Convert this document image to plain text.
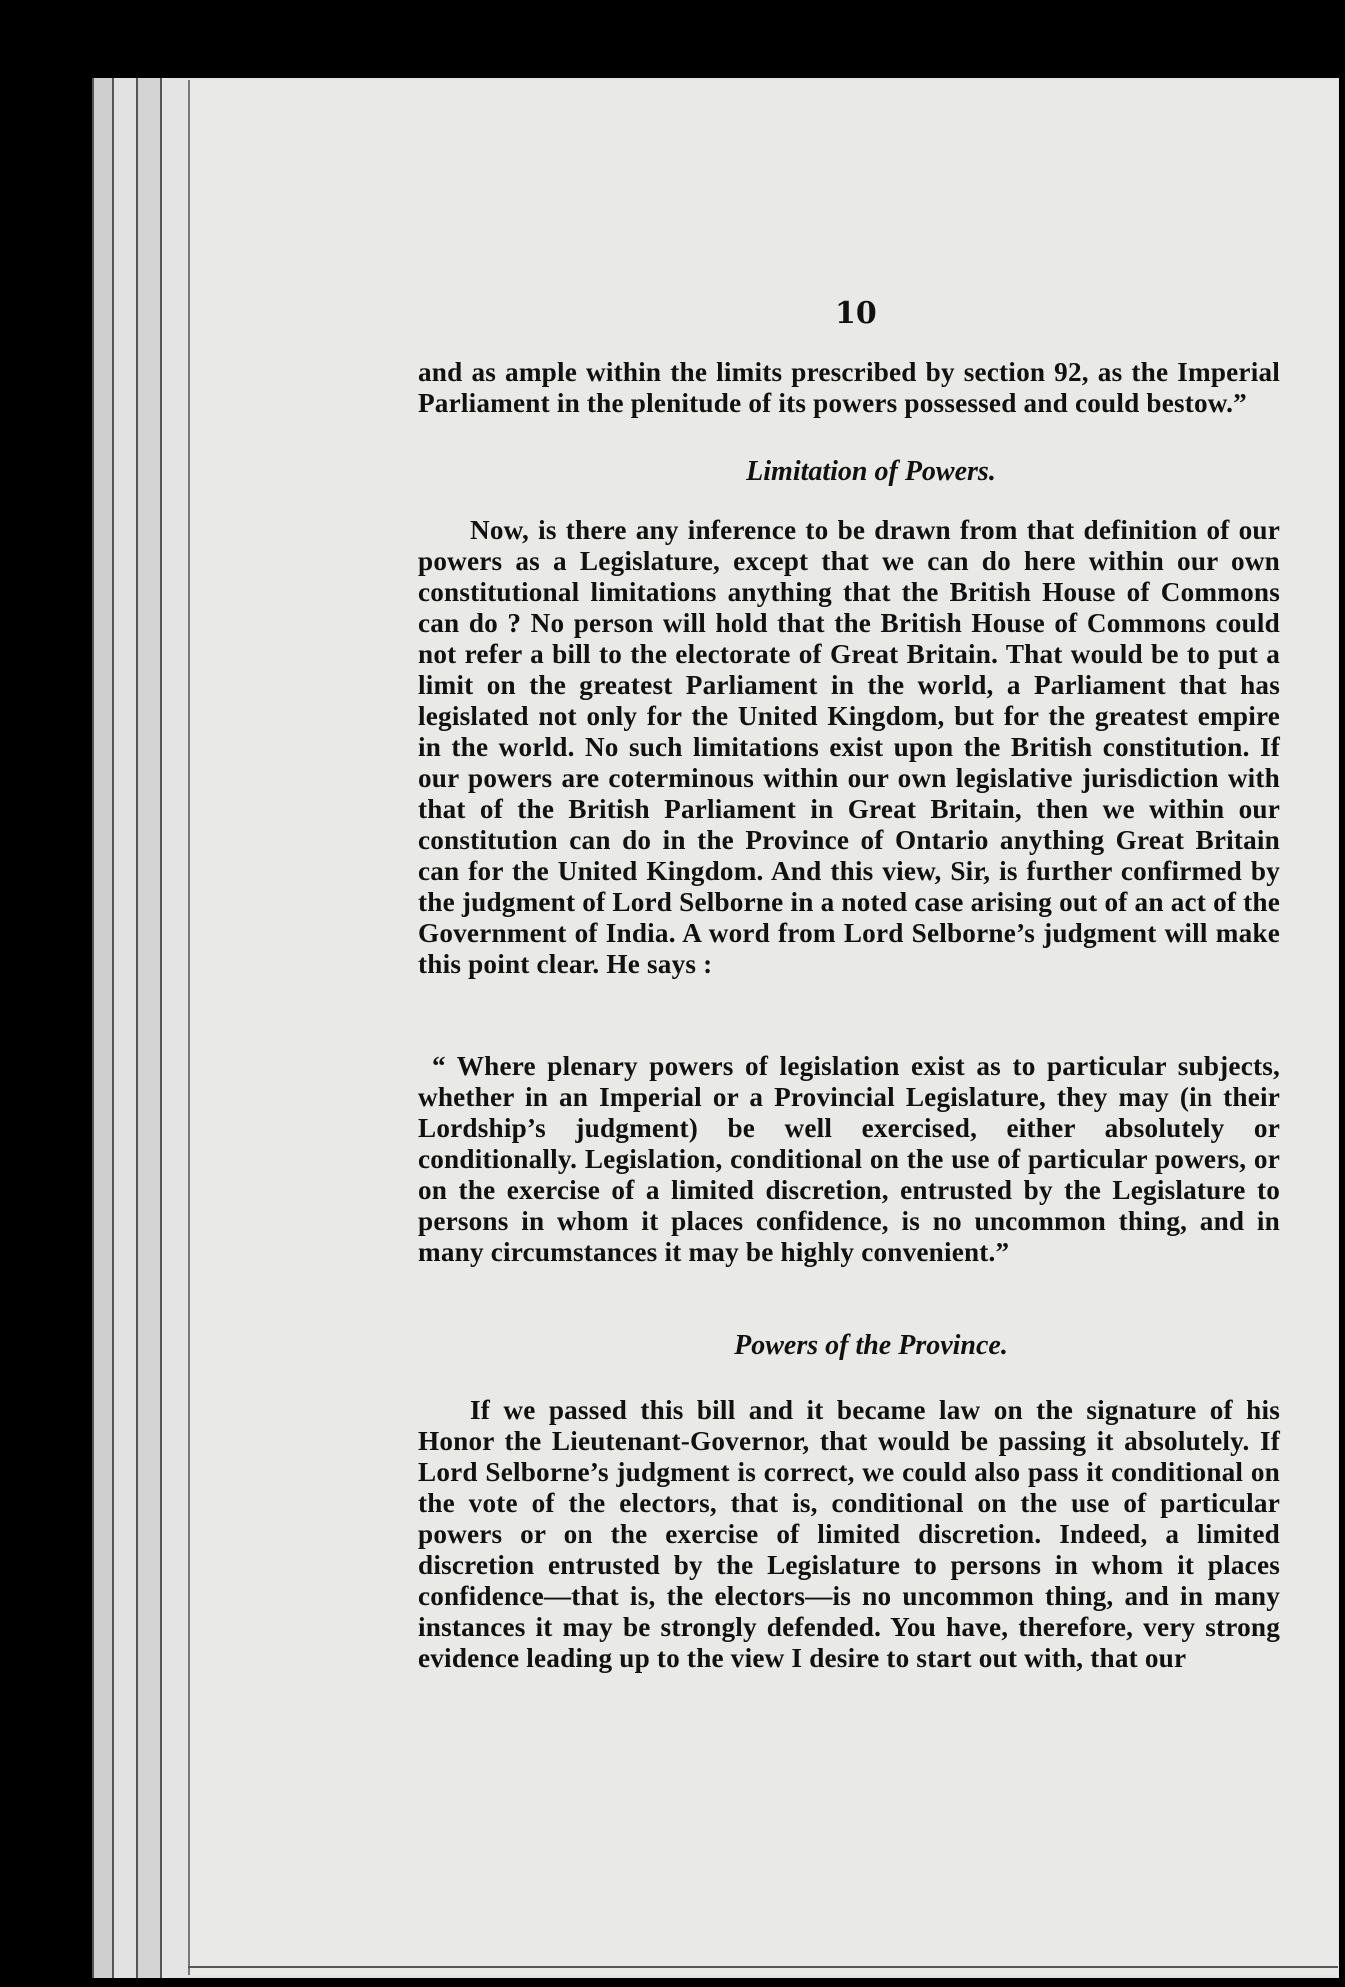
10

and as ample within the limits prescribed by section 92, as the Imperial Parliament in the plenitude of its powers possessed and could bestow.”

Limitation of Powers.

Now, is there any inference to be drawn from that definition of our powers as a Legislature, except that we can do here within our own constitutional limitations anything that the British House of Commons can do ? No person will hold that the British House of Commons could not refer a bill to the electorate of Great Britain. That would be to put a limit on the greatest Parliament in the world, a Parliament that has legislated not only for the United Kingdom, but for the greatest empire in the world. No such limitations exist upon the British constitution. If our powers are coterminous within our own legislative jurisdiction with that of the British Parliament in Great Britain, then we within our constitution can do in the Province of Ontario anything Great Britain can for the United Kingdom. And this view, Sir, is further confirmed by the judgment of Lord Selborne in a noted case arising out of an act of the Government of India. A word from Lord Selborne’s judgment will make this point clear. He says :

“ Where plenary powers of legislation exist as to particular subjects, whether in an Imperial or a Provincial Legislature, they may (in their Lordship’s judgment) be well exercised, either absolutely or conditionally. Legislation, conditional on the use of particular powers, or on the exercise of a limited discretion, entrusted by the Legislature to persons in whom it places confidence, is no uncommon thing, and in many circumstances it may be highly convenient.”

Powers of the Province.

If we passed this bill and it became law on the signature of his Honor the Lieutenant-Governor, that would be passing it absolutely. If Lord Selborne’s judgment is correct, we could also pass it conditional on the vote of the electors, that is, conditional on the use of particular powers or on the exercise of limited discretion. Indeed, a limited discretion entrusted by the Legislature to persons in whom it places confidence—that is, the electors—is no uncommon thing, and in many instances it may be strongly defended. You have, therefore, very strong evidence leading up to the view I desire to start out with, that our
